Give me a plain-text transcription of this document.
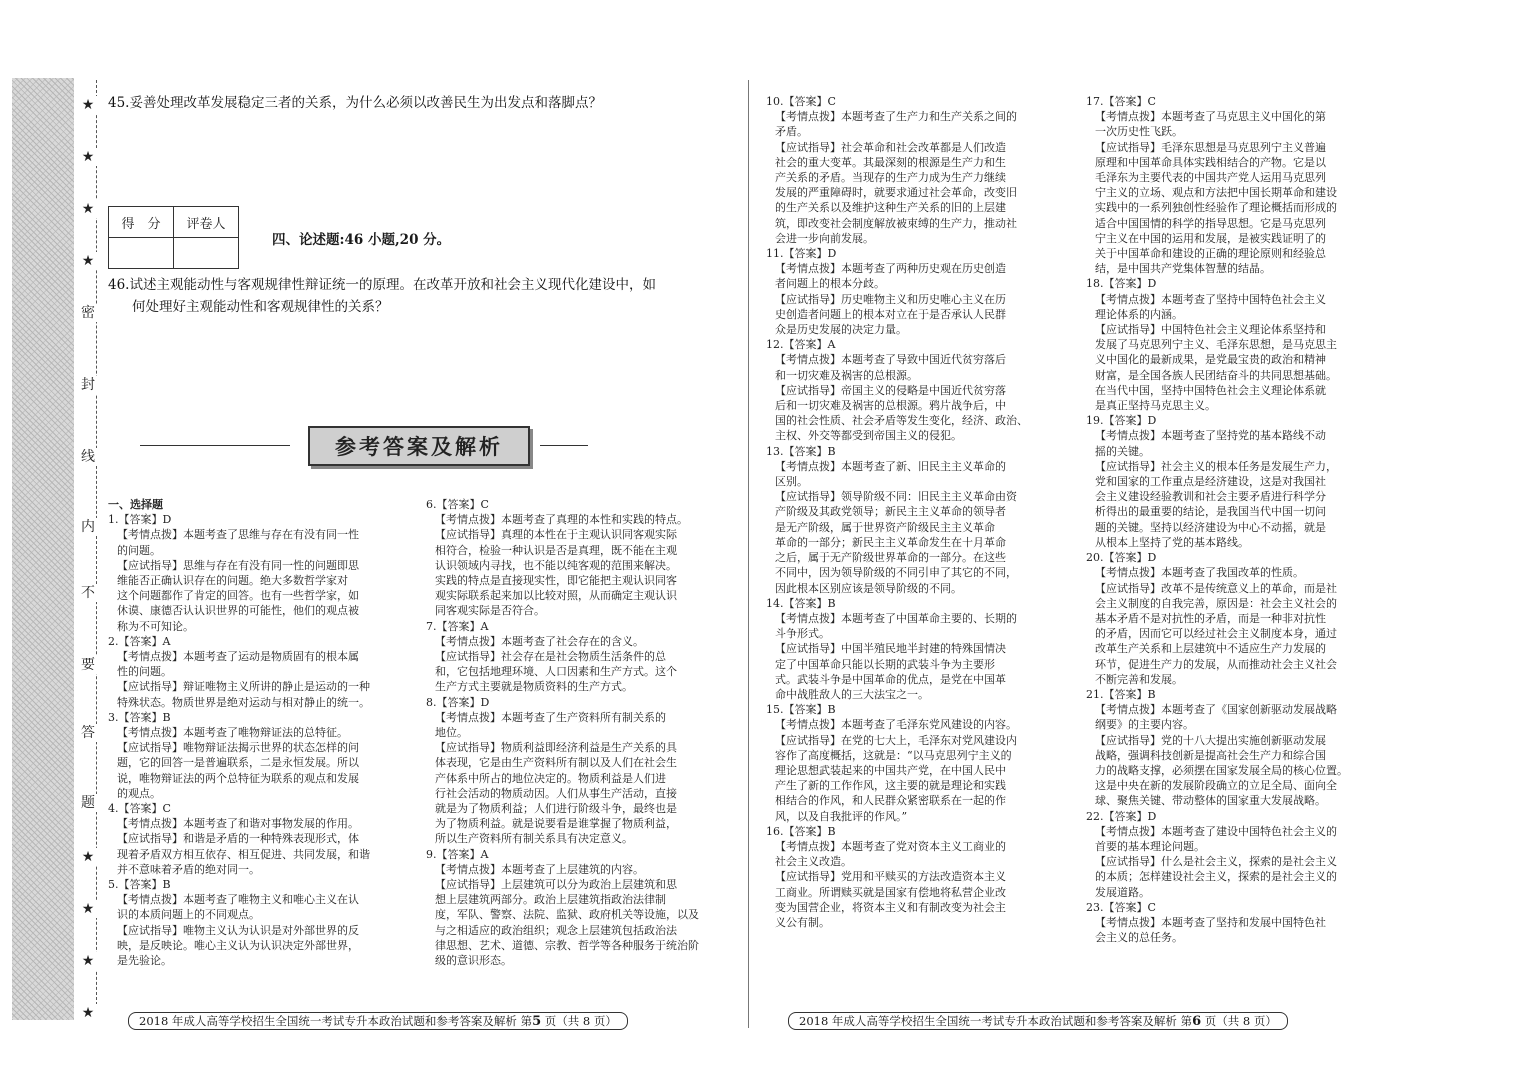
★
★
★
★
密
封
线
内
不
要
答
题
★
★
★
★
45.妥善处理改革发展稳定三者的关系，为什么必须以改善民生为出发点和落脚点？
得　分	评卷人

四、论述题:46 小题,20 分。
46.试述主观能动性与客观规律性辩证统一的原理。在改革开放和社会主义现代化建设中，如
何处理好主观能动性和客观规律性的关系？
参考答案及解析
一、选择题
1.【答案】D
【考情点拨】本题考查了思维与存在有没有同一性
的问题。
【应试指导】思维与存在有没有同一性的问题即思
维能否正确认识存在的问题。绝大多数哲学家对
这个问题都作了肯定的回答。也有一些哲学家，如
休谟、康德否认认识世界的可能性，他们的观点被
称为不可知论。
2.【答案】A
【考情点拨】本题考查了运动是物质固有的根本属
性的问题。
【应试指导】辩证唯物主义所讲的静止是运动的一种
特殊状态。物质世界是绝对运动与相对静止的统一。
3.【答案】B
【考情点拨】本题考查了唯物辩证法的总特征。
【应试指导】唯物辩证法揭示世界的状态怎样的问
题，它的回答一是普遍联系，二是永恒发展。所以
说，唯物辩证法的两个总特征为联系的观点和发展
的观点。
4.【答案】C
【考情点拨】本题考查了和谐对事物发展的作用。
【应试指导】和谐是矛盾的一种特殊表现形式，体
现着矛盾双方相互依存、相互促进、共同发展，和谐
并不意味着矛盾的绝对同一。
5.【答案】B
【考情点拨】本题考查了唯物主义和唯心主义在认
识的本质问题上的不同观点。
【应试指导】唯物主义认为认识是对外部世界的反
映，是反映论。唯心主义认为认识决定外部世界，
是先验论。
6.【答案】C
【考情点拨】本题考查了真理的本性和实践的特点。
【应试指导】真理的本性在于主观认识同客观实际
相符合，检验一种认识是否是真理，既不能在主观
认识领域内寻找，也不能以纯客观的范围来解决。
实践的特点是直接现实性，即它能把主观认识同客
观实际联系起来加以比较对照，从而确定主观认识
同客观实际是否符合。
7.【答案】A
【考情点拨】本题考查了社会存在的含义。
【应试指导】社会存在是社会物质生活条件的总
和，它包括地理环境、人口因素和生产方式。这个
生产方式主要就是物质资料的生产方式。
8.【答案】D
【考情点拨】本题考查了生产资料所有制关系的
地位。
【应试指导】物质利益即经济利益是生产关系的具
体表现，它是由生产资料所有制以及人们在社会生
产体系中所占的地位决定的。物质利益是人们进
行社会活动的物质动因。人们从事生产活动，直接
就是为了物质利益；人们进行阶级斗争，最终也是
为了物质利益。就是说要看是谁掌握了物质利益，
所以生产资料所有制关系具有决定意义。
9.【答案】A
【考情点拨】本题考查了上层建筑的内容。
【应试指导】上层建筑可以分为政治上层建筑和思
想上层建筑两部分。政治上层建筑指政治法律制
度，军队、警察、法院、监狱、政府机关等设施，以及
与之相适应的政治组织；观念上层建筑包括政治法
律思想、艺术、道德、宗教、哲学等各种服务于统治阶
级的意识形态。
10.【答案】C
【考情点拨】本题考查了生产力和生产关系之间的
矛盾。
【应试指导】社会革命和社会改革都是人们改造
社会的重大变革。其最深刻的根源是生产力和生
产关系的矛盾。当现存的生产力成为生产力继续
发展的严重障碍时，就要求通过社会革命，改变旧
的生产关系以及维护这种生产关系的旧的上层建
筑，即改变社会制度解放被束缚的生产力，推动社
会进一步向前发展。
11.【答案】D
【考情点拨】本题考查了两种历史观在历史创造
者问题上的根本分歧。
【应试指导】历史唯物主义和历史唯心主义在历
史创造者问题上的根本对立在于是否承认人民群
众是历史发展的决定力量。
12.【答案】A
【考情点拨】本题考查了导致中国近代贫穷落后
和一切灾难及祸害的总根源。
【应试指导】帝国主义的侵略是中国近代贫穷落
后和一切灾难及祸害的总根源。鸦片战争后，中
国的社会性质、社会矛盾等发生变化，经济、政治、
主权、外交等都受到帝国主义的侵犯。
13.【答案】B
【考情点拨】本题考查了新、旧民主主义革命的
区别。
【应试指导】领导阶级不同：旧民主主义革命由资
产阶级及其政党领导；新民主主义革命的领导者
是无产阶级，属于世界资产阶级民主主义革命
革命的一部分；新民主主义革命发生在十月革命
之后，属于无产阶级世界革命的一部分。在这些
不同中，因为领导阶级的不同引申了其它的不同，
因此根本区别应该是领导阶级的不同。
14.【答案】B
【考情点拨】本题考查了中国革命主要的、长期的
斗争形式。
【应试指导】中国半殖民地半封建的特殊国情决
定了中国革命只能以长期的武装斗争为主要形
式。武装斗争是中国革命的优点，是党在中国革
命中战胜敌人的三大法宝之一。
15.【答案】B
【考情点拨】本题考查了毛泽东党风建设的内容。
【应试指导】在党的七大上，毛泽东对党风建设内
容作了高度概括，这就是：“以马克思列宁主义的
理论思想武装起来的中国共产党，在中国人民中
产生了新的工作作风，这主要的就是理论和实践
相结合的作风，和人民群众紧密联系在一起的作
风，以及自我批评的作风。”
16.【答案】B
【考情点拨】本题考查了党对资本主义工商业的
社会主义改造。
【应试指导】党用和平赎买的方法改造资本主义
工商业。所谓赎买就是国家有偿地将私营企业改
变为国营企业，将资本主义和有制改变为社会主
义公有制。
17.【答案】C
【考情点拨】本题考查了马克思主义中国化的第
一次历史性飞跃。
【应试指导】毛泽东思想是马克思列宁主义普遍
原理和中国革命具体实践相结合的产物。它是以
毛泽东为主要代表的中国共产党人运用马克思列
宁主义的立场、观点和方法把中国长期革命和建设
实践中的一系列独创性经验作了理论概括而形成的
适合中国国情的科学的指导思想。它是马克思列
宁主义在中国的运用和发展，是被实践证明了的
关于中国革命和建设的正确的理论原则和经验总
结，是中国共产党集体智慧的结晶。
18.【答案】D
【考情点拨】本题考查了坚持中国特色社会主义
理论体系的内涵。
【应试指导】中国特色社会主义理论体系坚持和
发展了马克思列宁主义、毛泽东思想，是马克思主
义中国化的最新成果，是党最宝贵的政治和精神
财富，是全国各族人民团结奋斗的共同思想基础。
在当代中国，坚持中国特色社会主义理论体系就
是真正坚持马克思主义。
19.【答案】D
【考情点拨】本题考查了坚持党的基本路线不动
摇的关键。
【应试指导】社会主义的根本任务是发展生产力，
党和国家的工作重点是经济建设，这是对我国社
会主义建设经验教训和社会主要矛盾进行科学分
析得出的最重要的结论，是我国当代中国一切问
题的关键。坚持以经济建设为中心不动摇，就是
从根本上坚持了党的基本路线。
20.【答案】D
【考情点拨】本题考查了我国改革的性质。
【应试指导】改革不是传统意义上的革命，而是社
会主义制度的自我完善，原因是：社会主义社会的
基本矛盾不是对抗性的矛盾，而是一种非对抗性
的矛盾，因而它可以经过社会主义制度本身，通过
改革生产关系和上层建筑中不适应生产力发展的
环节，促进生产力的发展，从而推动社会主义社会
不断完善和发展。
21.【答案】B
【考情点拨】本题考查了《国家创新驱动发展战略
纲要》的主要内容。
【应试指导】党的十八大提出实施创新驱动发展
战略，强调科技创新是提高社会生产力和综合国
力的战略支撑，必须摆在国家发展全局的核心位置。
这是中央在新的发展阶段确立的立足全局、面向全
球、聚焦关键、带动整体的国家重大发展战略。
22.【答案】D
【考情点拨】本题考查了建设中国特色社会主义的
首要的基本理论问题。
【应试指导】什么是社会主义，探索的是社会主义
的本质；怎样建设社会主义，探索的是社会主义的
发展道路。
23.【答案】C
【考情点拨】本题考查了坚持和发展中国特色社
会主义的总任务。
2018 年成人高等学校招生全国统一考试专升本政治试题和参考答案及解析 第5 页（共 8 页）	2018 年成人高等学校招生全国统一考试专升本政治试题和参考答案及解析 第6 页（共 8 页）
